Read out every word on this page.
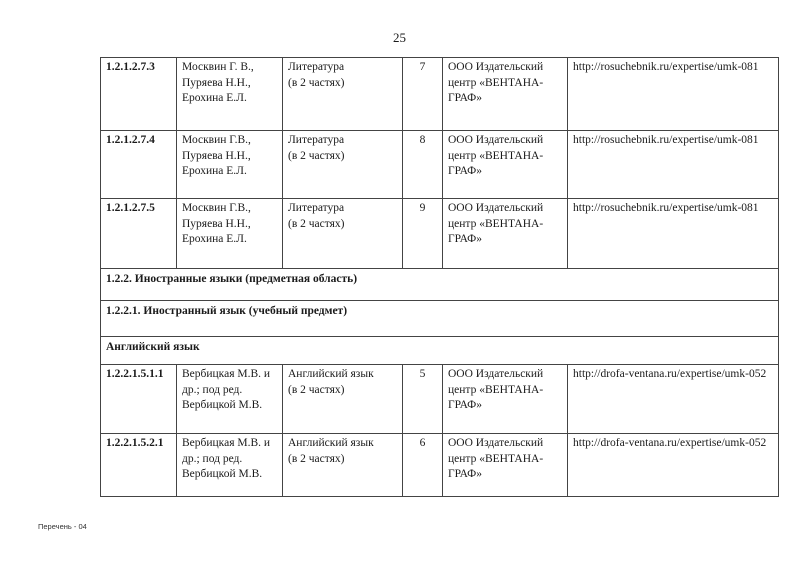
25
1.2.1.2.7.3	Москвин Г. В.,
Пуряева Н.Н.,
Ерохина Е.Л.

Литература
(в 2 частях)
	7	ООО Издательский
центр «ВЕНТАНА-
ГРАФ»
	http://rosuchebnik.ru/expertise/umk-081
1.2.1.2.7.4	Москвин Г.В.,
Пуряева Н.Н.,
Ерохина Е.Л.

Литература
(в 2 частях)
	8	ООО Издательский
центр «ВЕНТАНА-
ГРАФ»
	http://rosuchebnik.ru/expertise/umk-081
1.2.1.2.7.5	Москвин Г.В.,
Пуряева Н.Н.,
Ерохина Е.Л.

Литература
(в 2 частях)
	9	ООО Издательский
центр «ВЕНТАНА-
ГРАФ»
	http://rosuchebnik.ru/expertise/umk-081
1.2.2. Иностранные языки (предметная область)					
1.2.2.1. Иностранный язык (учебный предмет)					
Английский язык					
1.2.2.1.5.1.1	Вербицкая М.В. и
др.; под ред.
Вербицкой М.В.

Английский язык
(в 2 частях)
	5	ООО Издательский
центр «ВЕНТАНА-
ГРАФ»
	http://drofa-ventana.ru/expertise/umk-052
1.2.2.1.5.2.1	Вербицкая М.В. и
др.; под ред.
Вербицкой М.В.

Английский язык
(в 2 частях)
	6	ООО Издательский
центр «ВЕНТАНА-
ГРАФ»
	http://drofa-ventana.ru/expertise/umk-052
Перечень - 04
